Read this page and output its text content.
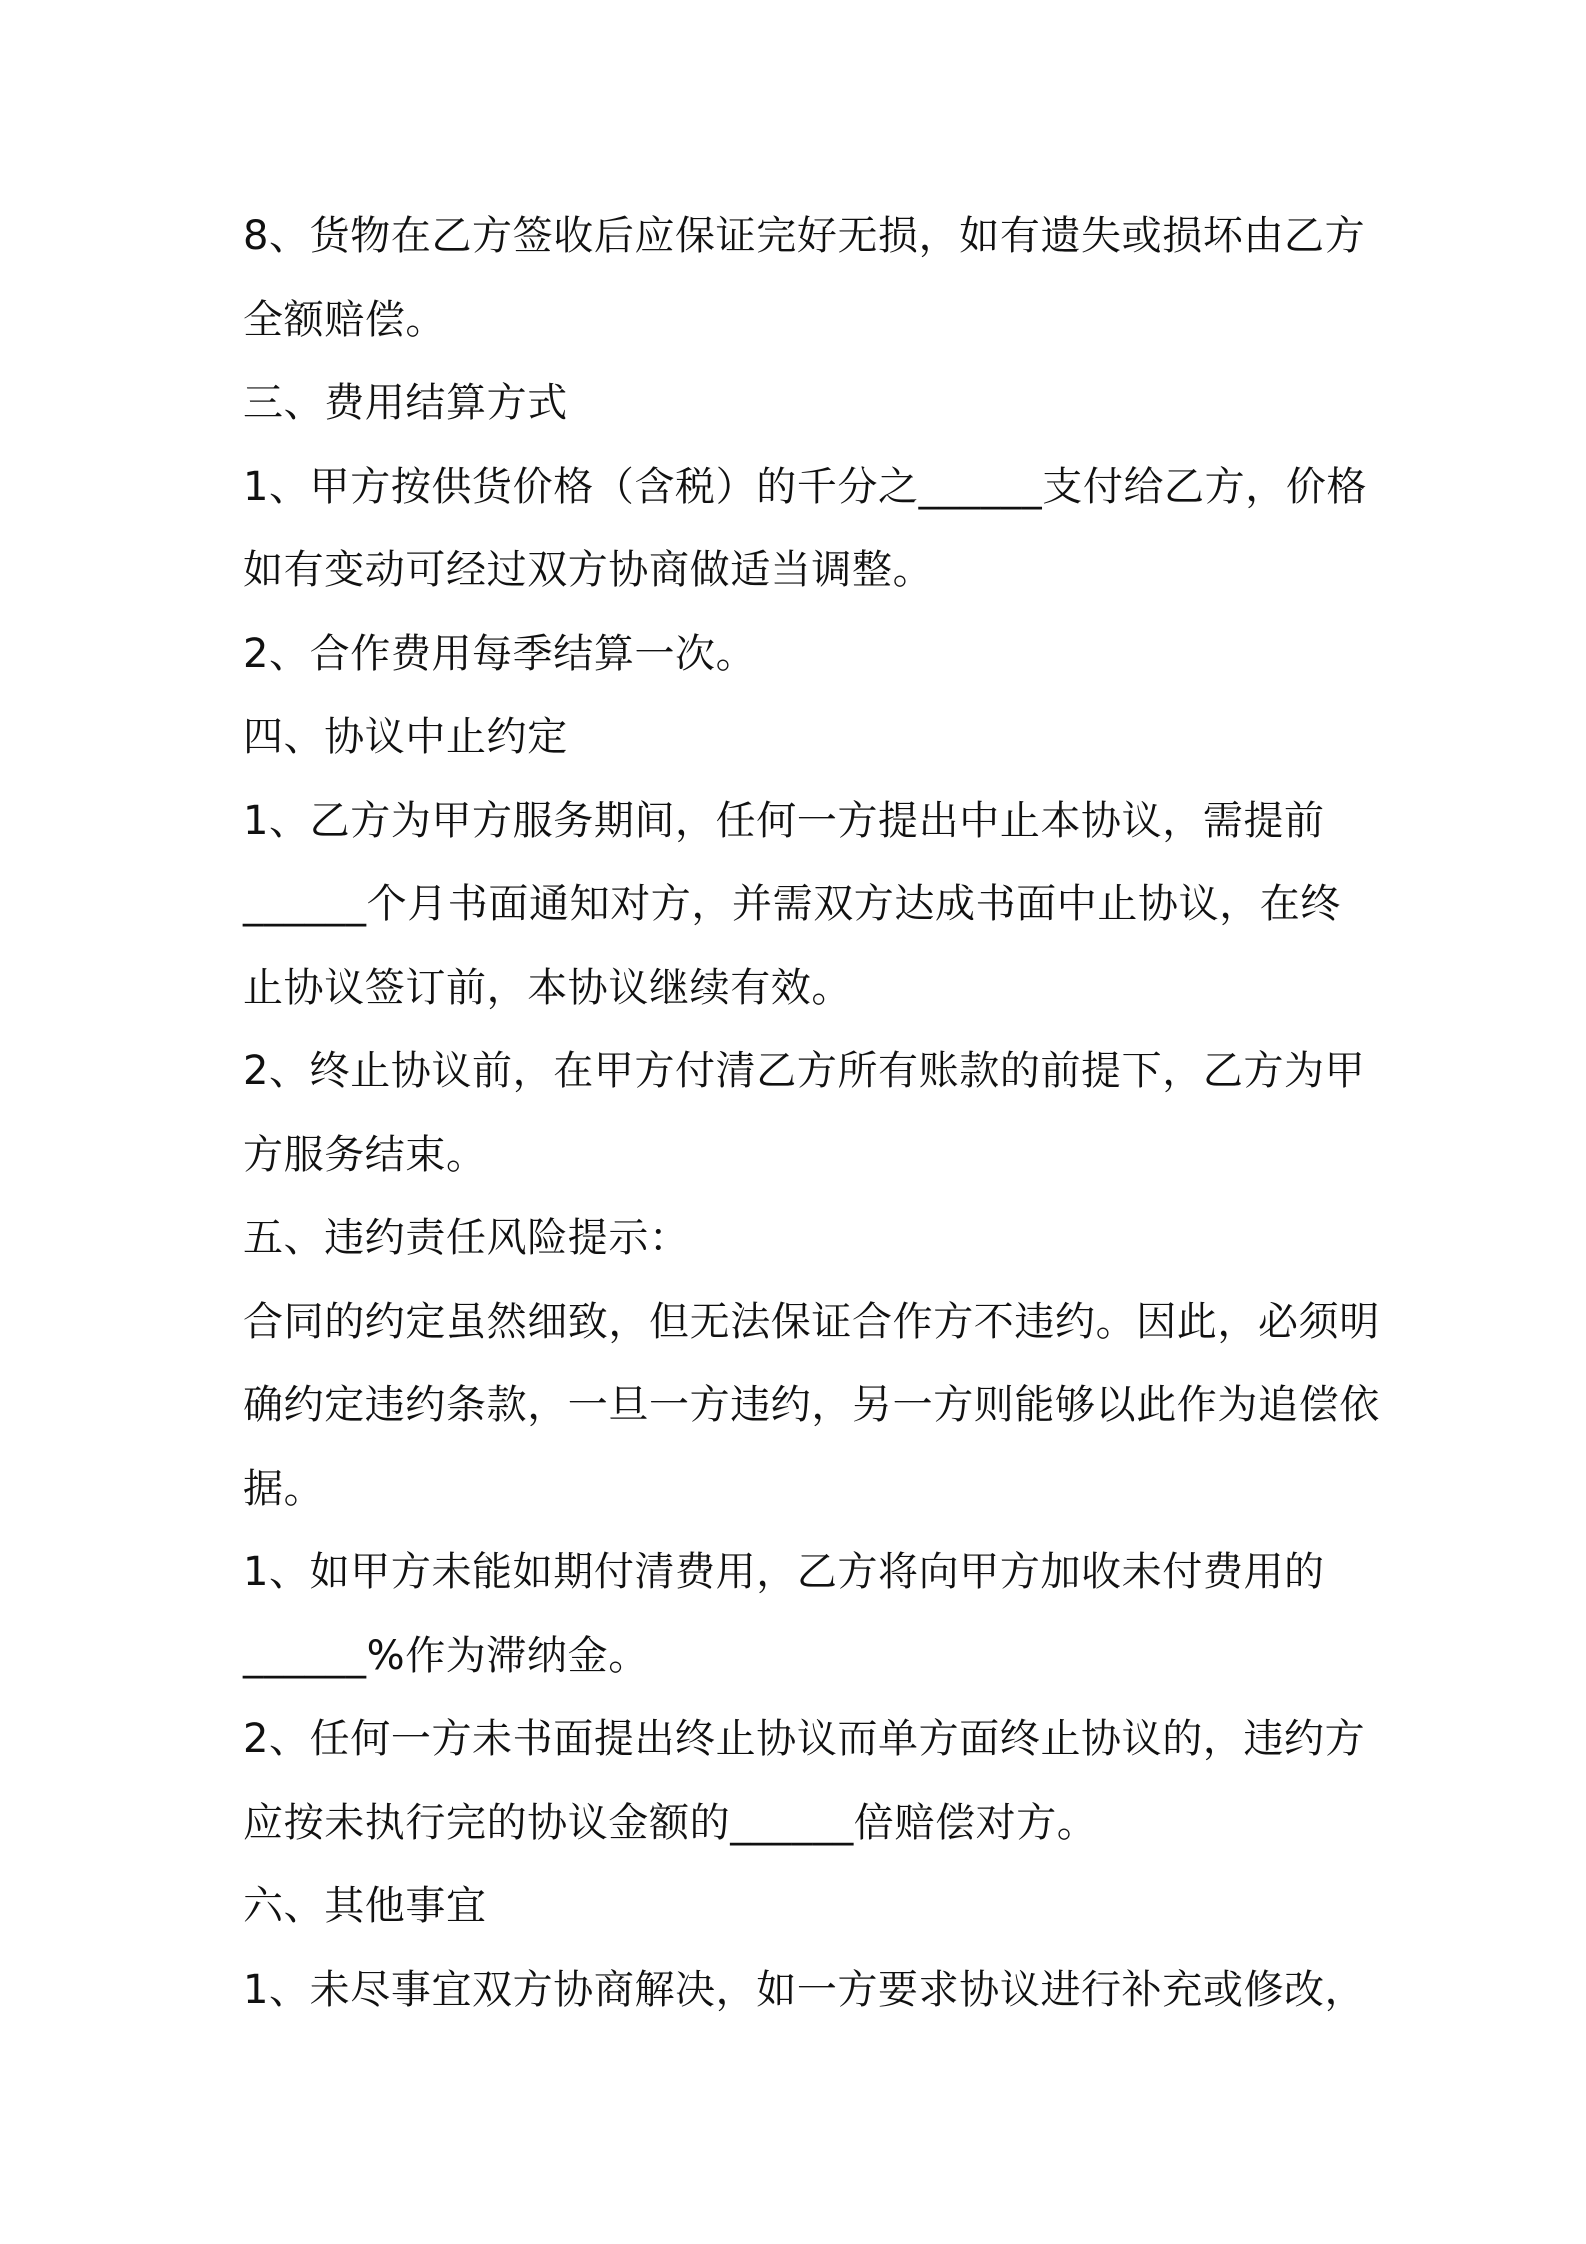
8、货物在乙方签收后应保证完好无损，如有遗失或损坏由乙方
全额赔偿。
三、费用结算方式
1、甲方按供货价格（含税）的千分之______支付给乙方，价格
如有变动可经过双方协商做适当调整。
2、合作费用每季结算一次。
四、协议中止约定
1、乙方为甲方服务期间，任何一方提出中止本协议，需提前
______个月书面通知对方，并需双方达成书面中止协议，在终
止协议签订前，本协议继续有效。
2、终止协议前，在甲方付清乙方所有账款的前提下，乙方为甲
方服务结束。
五、违约责任风险提示：
合同的约定虽然细致，但无法保证合作方不违约。因此，必须明
确约定违约条款，一旦一方违约，另一方则能够以此作为追偿依
据。
1、如甲方未能如期付清费用，乙方将向甲方加收未付费用的
______%作为滞纳金。
2、任何一方未书面提出终止协议而单方面终止协议的，违约方
应按未执行完的协议金额的______倍赔偿对方。
六、其他事宜
1、未尽事宜双方协商解决，如一方要求协议进行补充或修改，
